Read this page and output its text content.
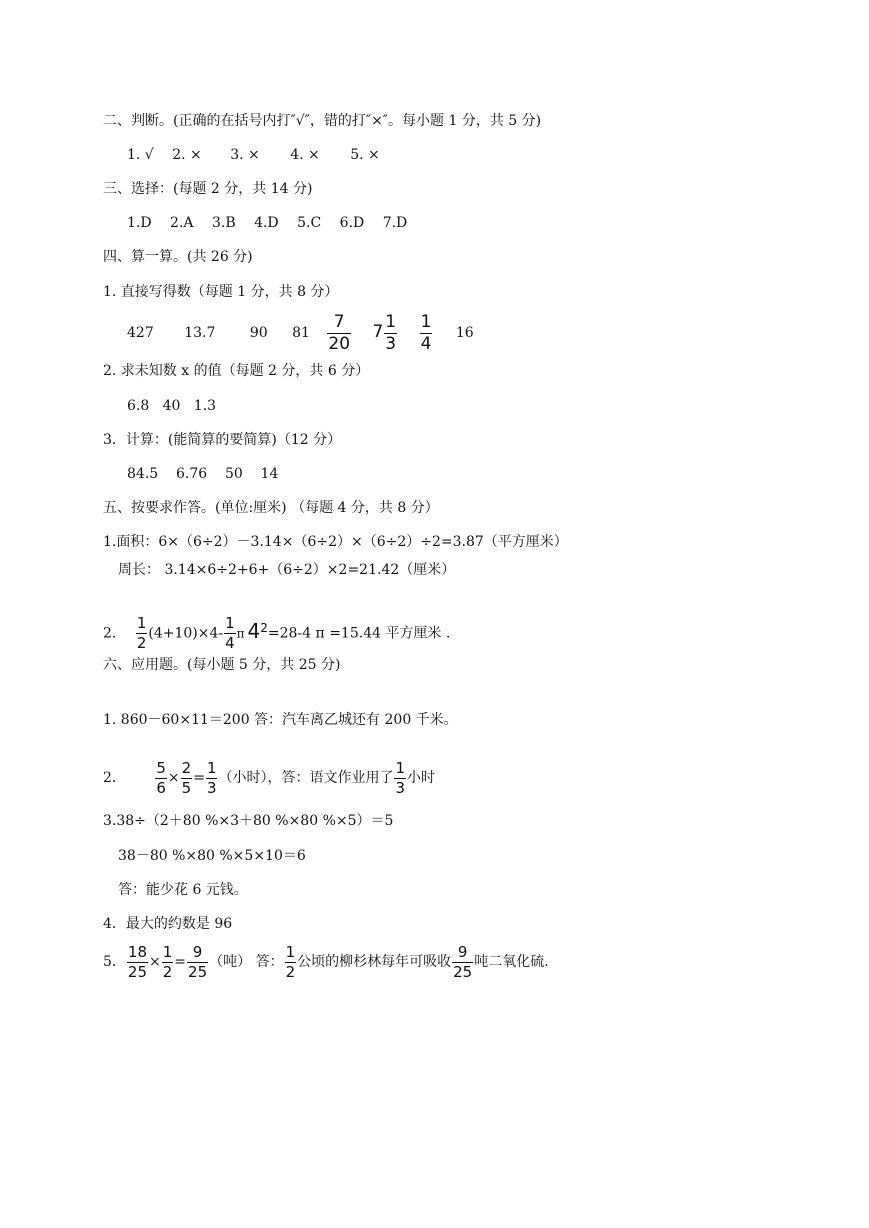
二、判断。(正确的在括号内打″√″，错的打″×″。每小题 1 分，共 5 分)
1. √ 2. × 3. × 4. × 5. ×
三、选择：(每题 2 分，共 14 分)
1.D 2.A 3.B 4.D 5.C 6.D 7.D
四、算一算。(共 26 分)
1. 直接写得数（每题 1 分，共 8 分）
427 13.7 90 $81 \frac{7}{20} 7 \frac{1}{3}$
$\frac{1}{4} 16$
2. 求未知数 x 的值（每题 2 分，共 6 分）
6.8   40   1.3
3．计算：(能简算的要简算)（12 分）
84.5    6.76    50    14
五、按要求作答。(单位:厘米) （每题 4 分，共 8 分）
1.面积：6×（6÷2）－3.14×（6÷2）×（6÷2）÷2=3.87（平方厘米）
周长： 3.14×6÷2+6+（6÷2）×2=21.42（厘米）
2. $\frac{1}{2} (4+10)\times 4- \frac{1}{4}$ π $4^2=28-4$ π =15.44 平方厘米 .
六、应用题。(每小题 5 分，共 25 分)
1. 860－60×11＝200 答：汽车离乙城还有 200 千米。
2． $\frac{5}{6} \times \frac{2}{5} = \frac{1}{3}$ （小时），答：语文作业用了 $\frac{1}{3}$ 小时
3.38÷（2＋80 %×3＋80 %×80 %×5）＝5
38－80 %×80 %×5×10＝6
答：能少花 6 元钱。
4．最大的约数是 96
5． $\frac{18}{25} \times \frac{1}{2} = \frac{9}{25}$ （吨） 答： $\frac{1}{2}$ 公顷的柳杉林每年可吸收 $\frac{9}{25}$ 吨二氧化硫.
